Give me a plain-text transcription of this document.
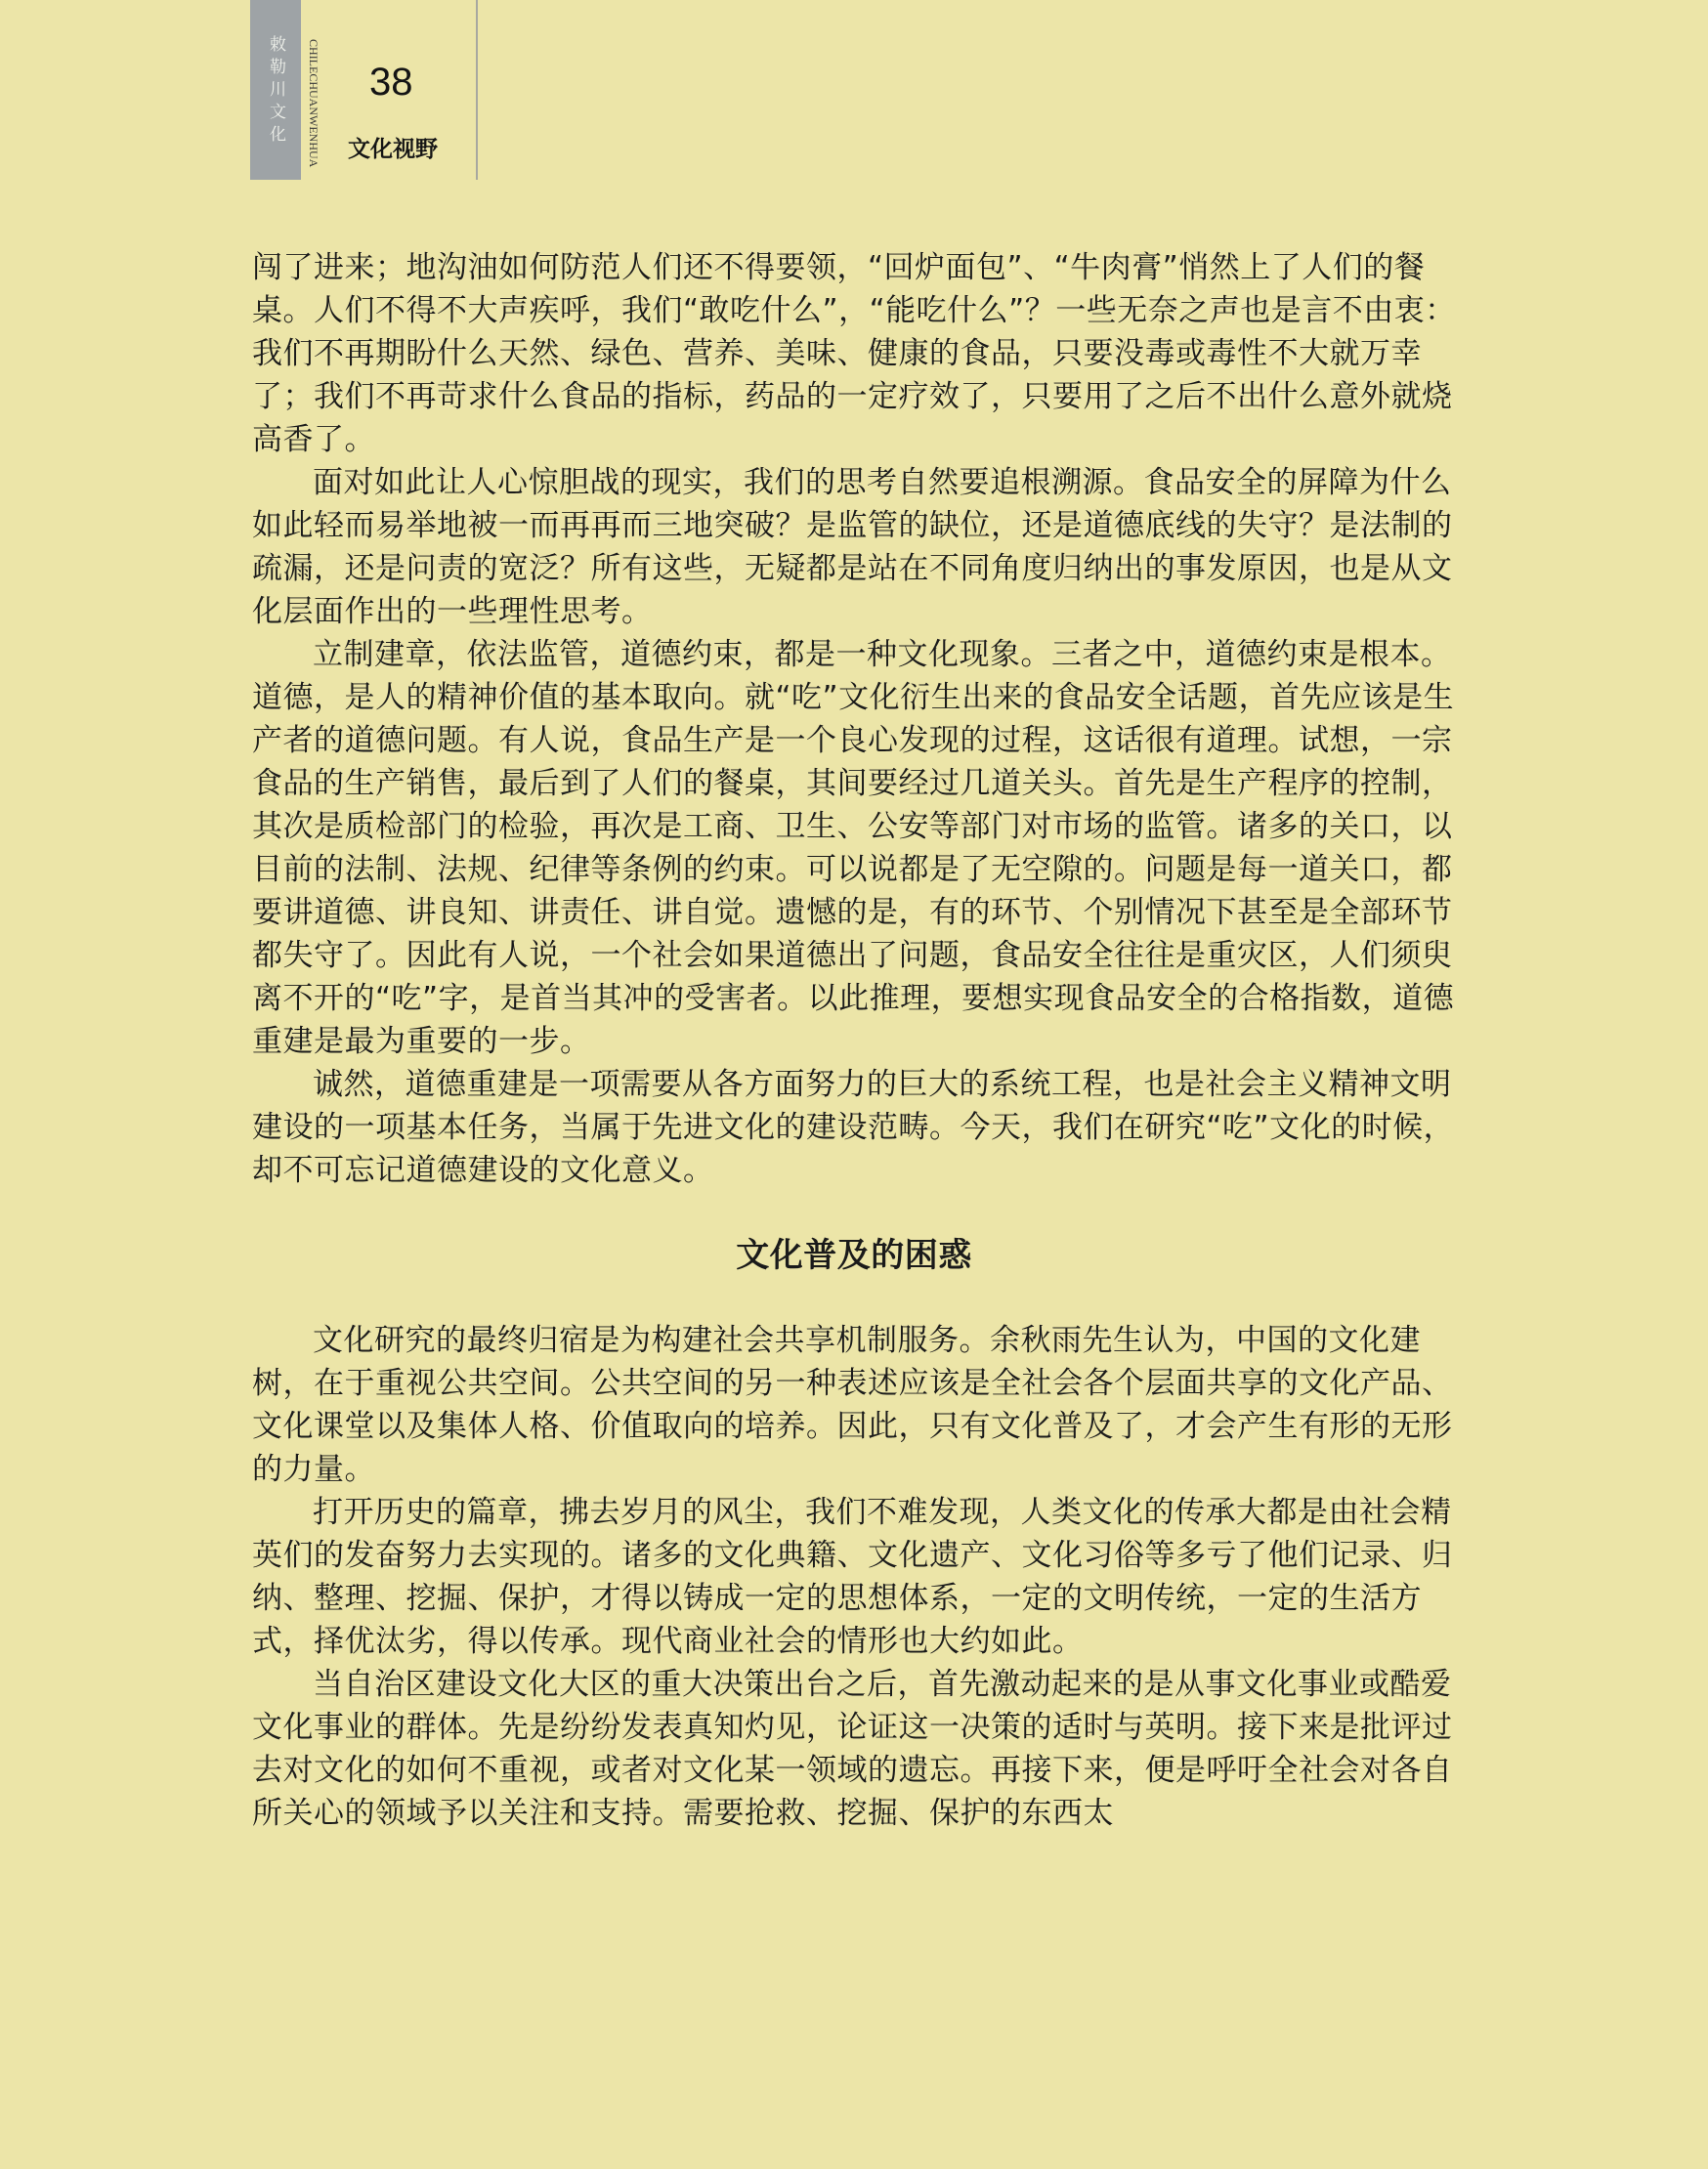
敕勒川文化	CHILECHUANWENHUA 38
文化视野

闯了进来；地沟油如何防范人们还不得要领，“回炉面包”、“牛肉膏”悄然上了人们的餐桌。人们不得不大声疾呼，我们“敢吃什么”，“能吃什么”？一些无奈之声也是言不由衷：我们不再期盼什么天然、绿色、营养、美味、健康的食品，只要没毒或毒性不大就万幸了；我们不再苛求什么食品的指标，药品的一定疗效了，只要用了之后不出什么意外就烧高香了。

面对如此让人心惊胆战的现实，我们的思考自然要追根溯源。食品安全的屏障为什么如此轻而易举地被一而再再而三地突破？是监管的缺位，还是道德底线的失守？是法制的疏漏，还是问责的宽泛？所有这些，无疑都是站在不同角度归纳出的事发原因，也是从文化层面作出的一些理性思考。

立制建章，依法监管，道德约束，都是一种文化现象。三者之中，道德约束是根本。道德，是人的精神价值的基本取向。就“吃”文化衍生出来的食品安全话题，首先应该是生产者的道德问题。有人说，食品生产是一个良心发现的过程，这话很有道理。试想，一宗食品的生产销售，最后到了人们的餐桌，其间要经过几道关头。首先是生产程序的控制，其次是质检部门的检验，再次是工商、卫生、公安等部门对市场的监管。诸多的关口，以目前的法制、法规、纪律等条例的约束。可以说都是了无空隙的。问题是每一道关口，都要讲道德、讲良知、讲责任、讲自觉。遗憾的是，有的环节、个别情况下甚至是全部环节都失守了。因此有人说，一个社会如果道德出了问题，食品安全往往是重灾区，人们须臾离不开的“吃”字，是首当其冲的受害者。以此推理，要想实现食品安全的合格指数，道德重建是最为重要的一步。

诚然，道德重建是一项需要从各方面努力的巨大的系统工程，也是社会主义精神文明建设的一项基本任务，当属于先进文化的建设范畴。今天，我们在研究“吃”文化的时候，却不可忘记道德建设的文化意义。

文化普及的困惑

文化研究的最终归宿是为构建社会共享机制服务。余秋雨先生认为，中国的文化建树，在于重视公共空间。公共空间的另一种表述应该是全社会各个层面共享的文化产品、文化课堂以及集体人格、价值取向的培养。因此，只有文化普及了，才会产生有形的无形的力量。

打开历史的篇章，拂去岁月的风尘，我们不难发现，人类文化的传承大都是由社会精英们的发奋努力去实现的。诸多的文化典籍、文化遗产、文化习俗等多亏了他们记录、归纳、整理、挖掘、保护，才得以铸成一定的思想体系，一定的文明传统，一定的生活方式，择优汰劣，得以传承。现代商业社会的情形也大约如此。

当自治区建设文化大区的重大决策出台之后，首先激动起来的是从事文化事业或酷爱文化事业的群体。先是纷纷发表真知灼见，论证这一决策的适时与英明。接下来是批评过去对文化的如何不重视，或者对文化某一领域的遗忘。再接下来，便是呼吁全社会对各自所关心的领域予以关注和支持。需要抢救、挖掘、保护的东西太
